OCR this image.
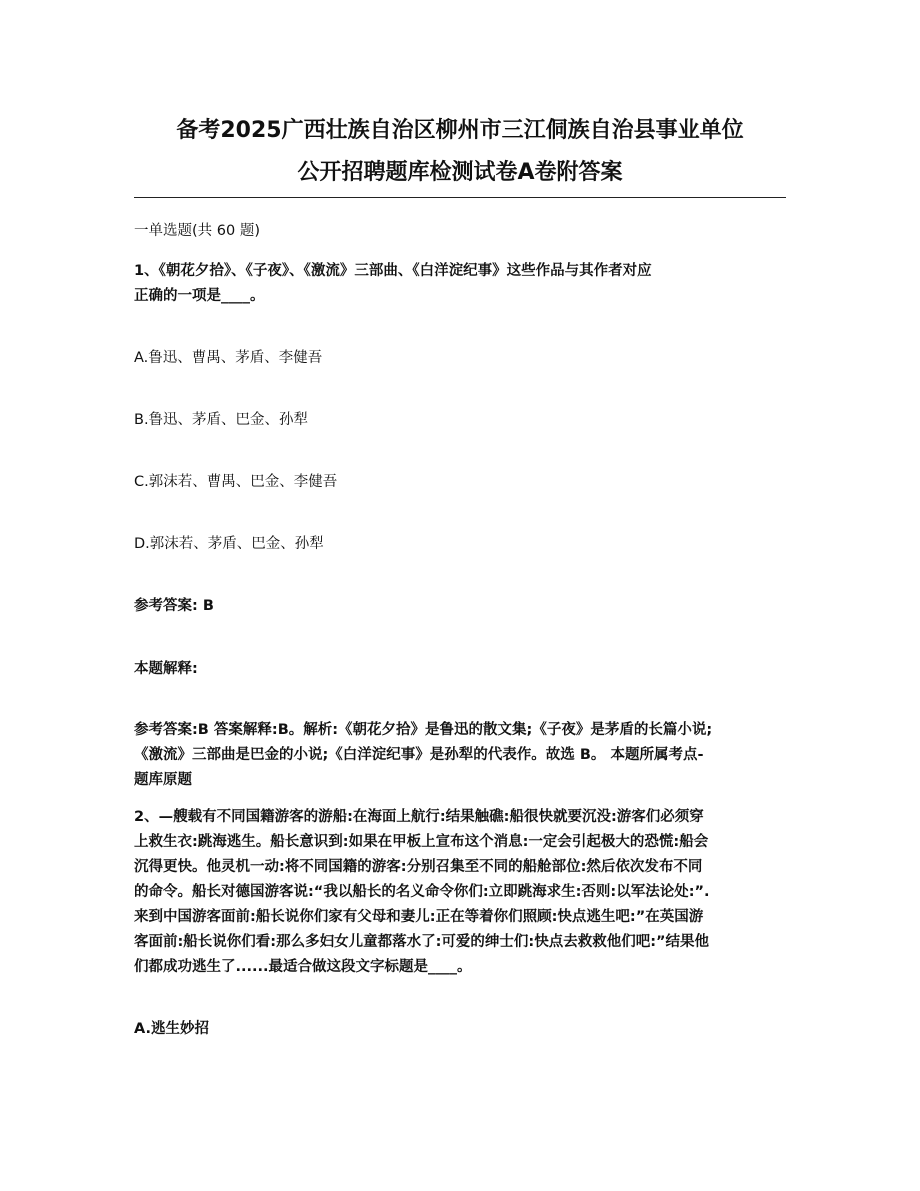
备考2025广西壮族自治区柳州市三江侗族自治县事业单位
公开招聘题库检测试卷A卷附答案

一单选题(共 60 题)

1、《朝花夕拾》、《子夜》、《激流》三部曲、《白洋淀纪事》这些作品与其作者对应

正确的一项是____。

A.鲁迅、曹禺、茅盾、李健吾

B.鲁迅、茅盾、巴金、孙犁

C.郭沫若、曹禺、巴金、李健吾

D.郭沫若、茅盾、巴金、孙犁

参考答案: B

本题解释:

参考答案:B 答案解释:B。解析:《朝花夕拾》是鲁迅的散文集;《子夜》是茅盾的长篇小说;

《激流》三部曲是巴金的小说;《白洋淀纪事》是孙犁的代表作。故选 B。 本题所属考点-

题库原题

2、—艘载有不同国籍游客的游船:在海面上航行:结果触礁:船很快就要沉没:游客们必须穿

上救生衣:跳海逃生。船长意识到:如果在甲板上宣布这个消息:一定会引起极大的恐慌:船会

沉得更快。他灵机一动:将不同国籍的游客:分别召集至不同的船舱部位:然后依次发布不同

的命令。船长对德国游客说:“我以船长的名义命令你们:立即跳海求生:否则:以军法论处:”.

来到中国游客面前:船长说你们家有父母和妻儿:正在等着你们照顾:快点逃生吧:”在英国游

客面前:船长说你们看:那么多妇女儿童都落水了:可爱的绅士们:快点去救救他们吧:”结果他

们都成功逃生了......最适合做这段文字标题是____。

A.逃生妙招
